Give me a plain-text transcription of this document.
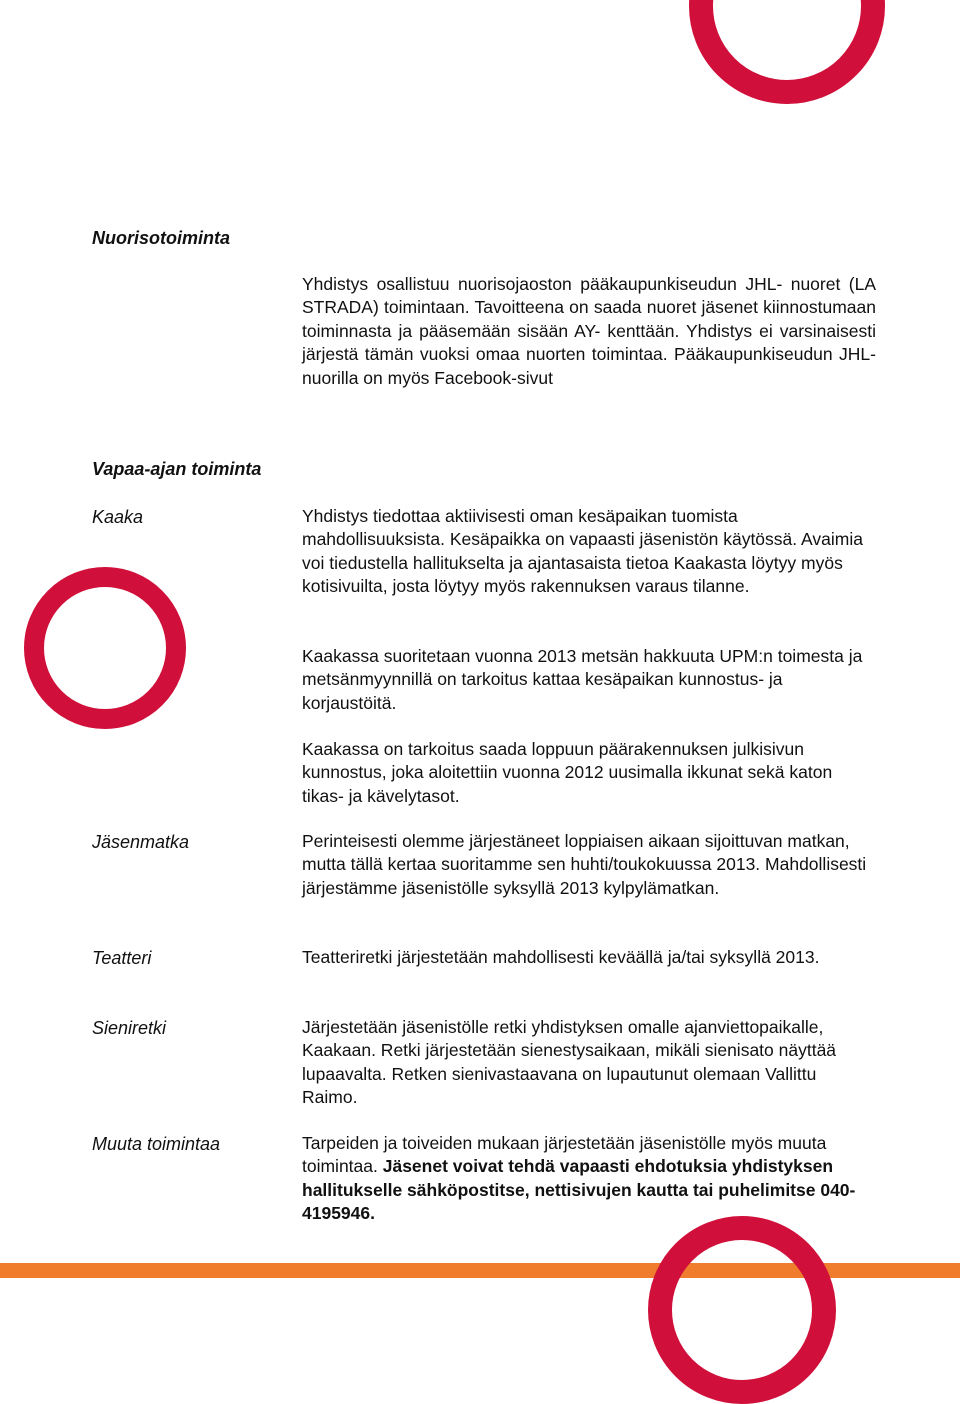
Nuorisotoiminta

Yhdistys osallistuu nuorisojaoston pääkaupunkiseudun JHL- nuoret (LA STRADA) toimintaan. Tavoitteena on saada nuoret jäsenet kiinnostumaan toiminnasta ja pääsemään sisään AY- kenttään. Yhdistys ei varsinaisesti järjestä tämän vuoksi omaa nuorten toimintaa. Pääkaupunkiseudun JHL-nuorilla on myös Facebook-sivut

Vapaa-ajan toiminta
Kaaka	Yhdistys tiedottaa aktiivisesti oman kesäpaikan tuomista mahdollisuuksista. Kesäpaikka on vapaasti jäsenistön käytössä. Avaimia voi tiedustella hallitukselta ja ajantasaista tietoa Kaakasta löytyy myös kotisivuilta, josta löytyy myös rakennuksen varaus tilanne.

Kaakassa suoritetaan vuonna 2013 metsän hakkuuta UPM:n toimesta ja metsänmyynnillä on tarkoitus kattaa kesäpaikan kunnostus- ja korjaustöitä.

Kaakassa on tarkoitus saada loppuun päärakennuksen julkisivun kunnostus, joka aloitettiin vuonna 2012 uusimalla ikkunat sekä katon tikas- ja kävelytasot.

Jäsenmatka	Perinteisesti olemme järjestäneet loppiaisen aikaan sijoittuvan matkan, mutta tällä kertaa suoritamme sen huhti/toukokuussa 2013. Mahdollisesti järjestämme jäsenistölle syksyllä 2013 kylpylämatkan.

Teatteri	Teatteriretki järjestetään mahdollisesti keväällä ja/tai syksyllä 2013.

Sieniretki	Järjestetään jäsenistölle retki yhdistyksen omalle ajanviettopaikalle, Kaakaan. Retki järjestetään sienestysaikaan, mikäli sienisato näyttää lupaavalta. Retken sienivastaavana on lupautunut olemaan Vallittu Raimo.

Muuta toimintaa	Tarpeiden ja toiveiden mukaan järjestetään jäsenistölle myös muuta toimintaa. Jäsenet voivat tehdä vapaasti ehdotuksia yhdistyksen hallitukselle sähköpostitse, nettisivujen kautta tai puhelimitse 040-4195946.
